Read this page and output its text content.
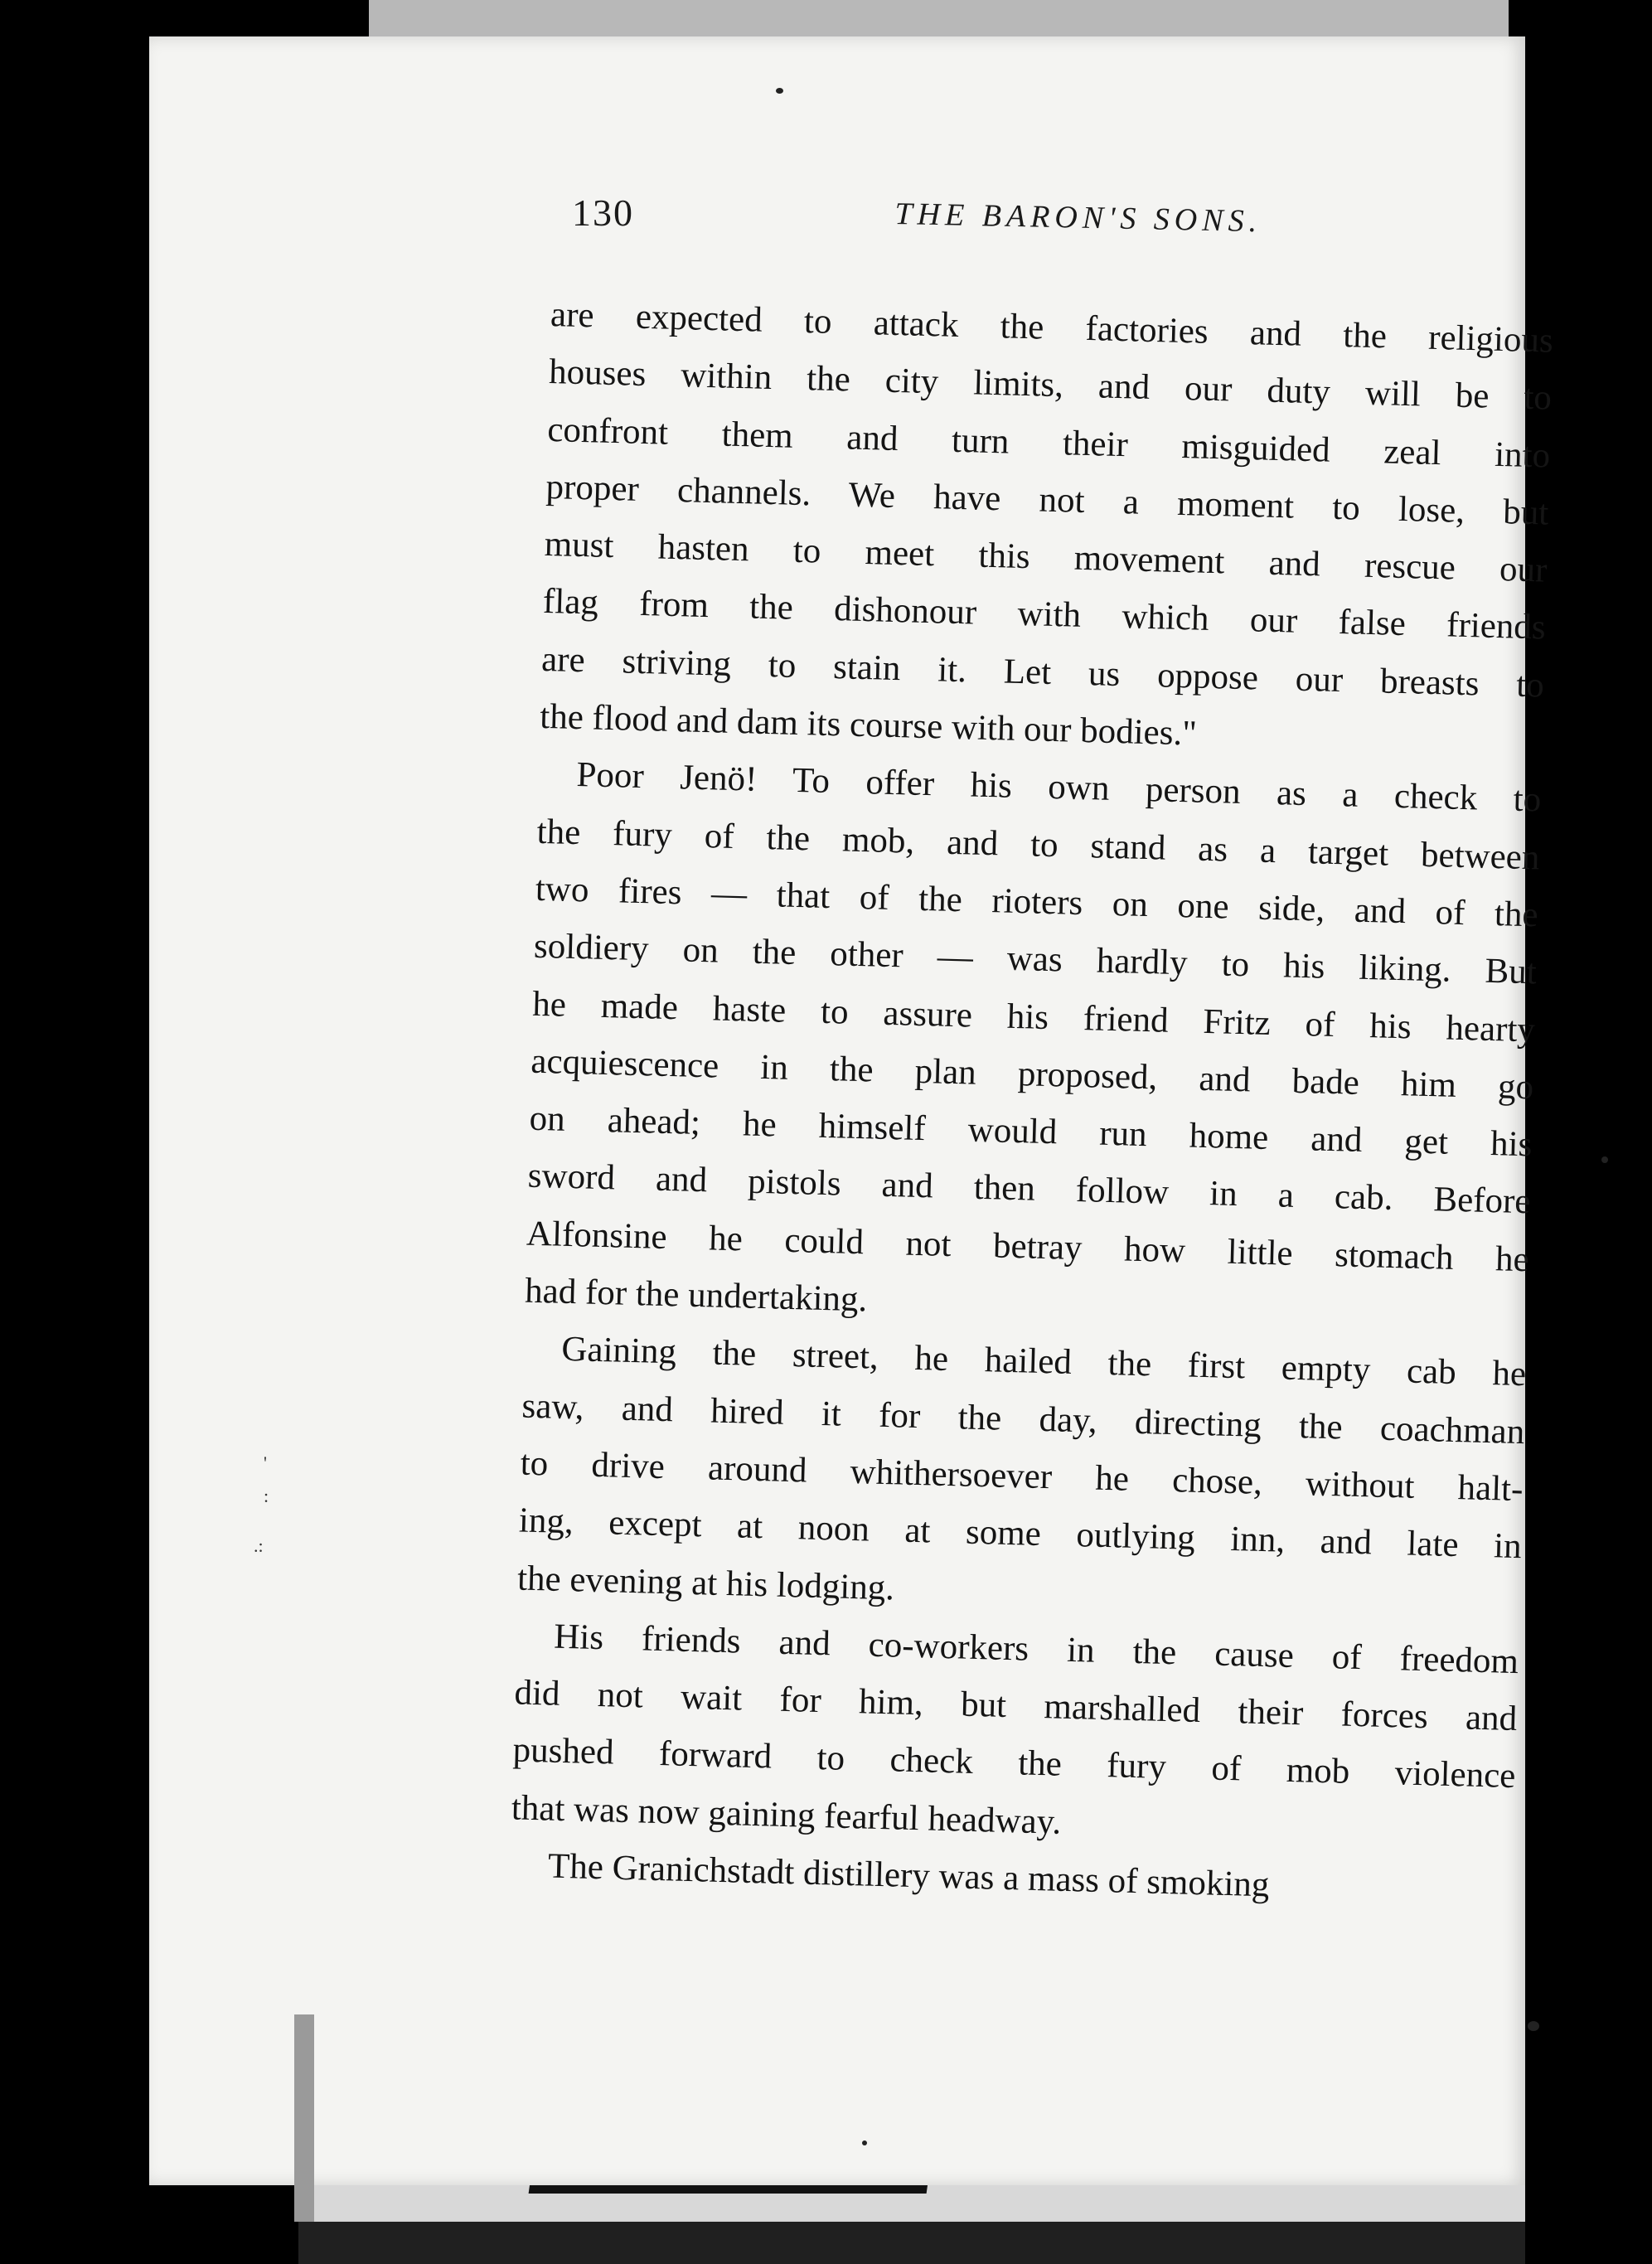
130	THE BARON'S SONS.

are expected to attack the factories and the religious
houses within the city limits, and our duty will be to
confront them and turn their misguided zeal into
proper channels. We have not a moment to lose, but
must hasten to meet this movement and rescue our
flag from the dishonour with which our false friends
are striving to stain it. Let us oppose our breasts to
the flood and dam its course with our bodies."

Poor Jenö! To offer his own person as a check to
the fury of the mob, and to stand as a target between
two fires — that of the rioters on one side, and of the
soldiery on the other — was hardly to his liking. But
he made haste to assure his friend Fritz of his hearty
acquiescence in the plan proposed, and bade him go
on ahead; he himself would run home and get his
sword and pistols and then follow in a cab. Before
Alfonsine he could not betray how little stomach he
had for the undertaking.

Gaining the street, he hailed the first empty cab he
saw, and hired it for the day, directing the coachman
to drive around whithersoever he chose, without halt-
ing, except at noon at some outlying inn, and late in
the evening at his lodging.

His friends and co-workers in the cause of freedom
did not wait for him, but marshalled their forces and
pushed forward to check the fury of mob violence
that was now gaining fearful headway.

The Granichstadt distillery was a mass of smoking

'
:
.:
